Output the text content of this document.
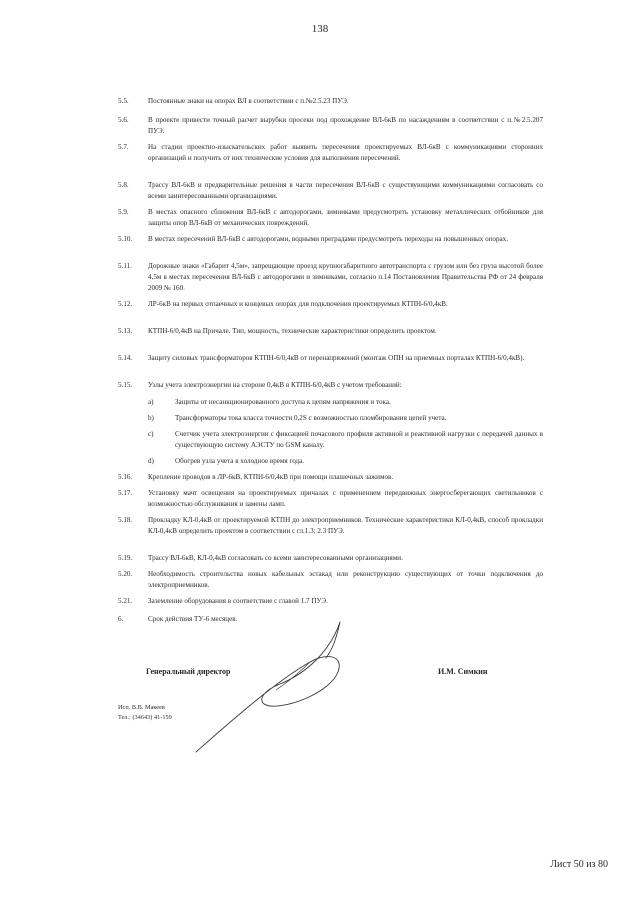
138
5.5.	Постоянные знаки на опорах ВЛ в соответствии с п.№2.5.23 ПУЭ.
5.6.	В проекте привести точный расчет вырубки просеки под прохождение ВЛ-6кВ по насаждениям в соответствии с п.№2.5.207 ПУЭ.
5.7.	На стадии проектно-изыскательских работ выявить пересечения проектируемых ВЛ-6кВ с коммуникациями сторонних организаций и получить от них технические условия для выполнения пересечений.
5.8.	Трассу ВЛ-6кВ и предварительные решения в части пересечения ВЛ-6кВ с существующими коммуникациями согласовать со всеми заинтересованными организациями.
5.9.	В местах опасного сближения ВЛ-6кВ с автодорогами, зимниками предусмотреть установку металлических отбойников для защиты опор ВЛ-6кВ от механических повреждений.
5.10. В местах пересечений ВЛ-6кВ с автодорогами, водными преградами предусмотреть переходы на повышенных опорах.
5.11. Дорожные знаки «Габарит 4,5м», запрещающие проезд крупногабаритного автотранспорта с грузом или без груза высотой более 4,5м в местах пересечения ВЛ-6кВ с автодорогами и зимниками, согласно п.14 Постановления Правительства РФ от 24 февраля 2009 № 160.
5.12. ЛР-6кВ на первых отпаечных и концевых опорах для подключения проектируемых КТПН-6/0,4кВ.
5.13. КТПН-6/0,4кВ на Причале. Тип, мощность, технические характеристики определить проектом.
5.14. Защиту силовых трансформаторов КТПН-6/0,4кВ от перенапряжений (монтаж ОПН на приемных порталах КТПН-6/0,4кВ).
5.15. Узлы учета электроэнергии на стороне 0,4кВ в КТПН-6/0,4кВ с учетом требований:
a)	Защиты от несанкционированного доступа к цепям напряжения и тока.
b)	Трансформаторы тока класса точности 0,2S с возможностью пломбирования цепей учета.
c)	Счетчик учета электроэнергии с фиксацией почасового профиля активной и реактивной нагрузки с передачей данных в существующую систему АЭСТУ по GSM каналу.
d)	Обогрев узла учета в холодное время года.
5.16. Крепление проводов в ЛР-6кВ, КТПН-6/0,4кВ при помощи плашечных зажимов.
5.17. Установку мачт освещения на проектируемых причалах с применением передвижных энергосберегающих светильников с возможностью обслуживания и замены ламп.
5.18. Прокладку КЛ-0,4кВ от проектируемой КТПН до электроприемников. Технические характеристики КЛ-0,4кВ, способ прокладки КЛ-0,4кВ определить проектом в соответствии с гл.1.3; 2.3 ПУЭ.
5.19. Трассу ВЛ-6кВ, КЛ-0,4кВ согласовать со всеми заинтересованными организациями.
5.20. Необходимость строительства новых кабельных эстакад или реконструкцию существующих от точки подключения до электроприемников.
5.21. Заземление оборудования в соответствие с главой 1.7 ПУЭ.
6.	Срок действия ТУ-6 месяцев.
Генеральный директор	И.М. Симкин
Исп. В.В. Макеев
Тел.: (34643) 41-159
Лист 50 из 80
